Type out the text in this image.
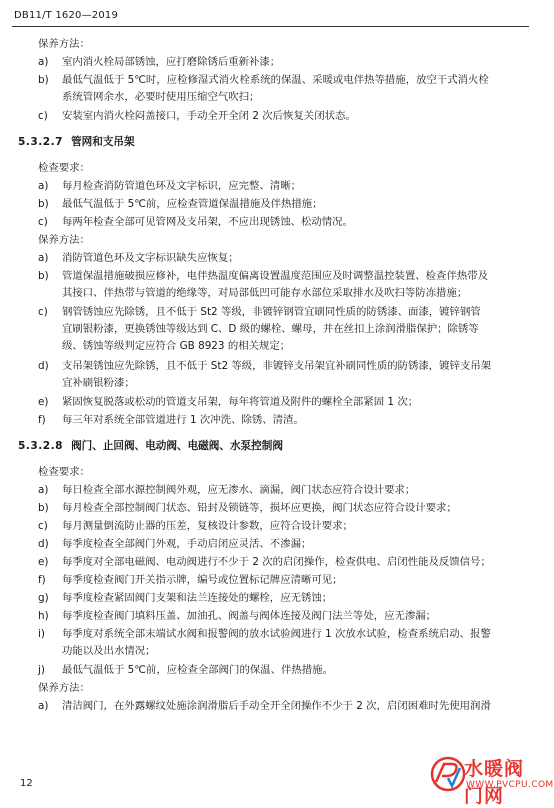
DB11/T 1620—2019
保养方法：
a) 室内消火栓局部锈蚀，应打磨除锈后重新补漆；
b) 最低气温低于 5℃时，应检修湿式消火栓系统的保温、采暖或电伴热等措施，放空干式消火栓
系统管网余水，必要时使用压缩空气吹扫；
c) 安装室内消火栓闷盖接口，手动全开全闭 2 次后恢复关闭状态。
5.3.2.7 管网和支吊架
检查要求：
a) 每月检查消防管道色环及文字标识，应完整、清晰；
b) 最低气温低于 5℃前，应检查管道保温措施及伴热措施；
c) 每两年检查全部可见管网及支吊架，不应出现锈蚀、松动情况。
保养方法：
a) 消防管道色环及文字标识缺失应恢复；
b) 管道保温措施破损应修补，电伴热温度偏离设置温度范围应及时调整温控装置、检查伴热带及
其接口、伴热带与管道的绝缘等，对局部低凹可能存水部位采取排水及吹扫等防冻措施；
c) 钢管锈蚀应先除锈，且不低于 St2 等级，非镀锌钢管宜刷同性质的防锈漆、面漆，镀锌钢管
宜刷银粉漆，更换锈蚀等级达到 C、D 级的螺栓、螺母，并在丝扣上涂润滑脂保护；除锈等
级、锈蚀等级判定应符合 GB 8923 的相关规定；
d) 支吊架锈蚀应先除锈，且不低于 St2 等级，非镀锌支吊架宜补刷同性质的防锈漆，镀锌支吊架
宜补刷银粉漆；
e) 紧固恢复脱落或松动的管道支吊架，每年将管道及附件的螺栓全部紧固 1 次；
f) 每三年对系统全部管道进行 1 次冲洗、除锈、清渣。
5.3.2.8 阀门、止回阀、电动阀、电磁阀、水泵控制阀
检查要求：
a) 每日检查全部水源控制阀外观，应无渗水、滴漏，阀门状态应符合设计要求；
b) 每月检查全部控制阀门状态、铅封及锁链等，损坏应更换，阀门状态应符合设计要求；
c) 每月测量倒流防止器的压差，复核设计参数，应符合设计要求；
d) 每季度检查全部阀门外观，手动启闭应灵活、不渗漏；
e) 每季度对全部电磁阀、电动阀进行不少于 2 次的启闭操作，检查供电、启闭性能及反馈信号；
f) 每季度检查阀门开关指示牌，编号或位置标记牌应清晰可见；
g) 每季度检查紧固阀门支架和法兰连接处的螺栓，应无锈蚀；
h) 每季度检查阀门填料压盖、加油孔、阀盖与阀体连接及阀门法兰等处，应无渗漏；
i) 每季度对系统全部末端试水阀和报警阀的放水试验阀进行 1 次放水试验，检查系统启动、报警
功能以及出水情况；
j) 最低气温低于 5℃前，应检查全部阀门的保温、伴热措施。
保养方法：
a) 清洁阀门，在外露螺纹处施涂润滑脂后手动全开全闭操作不少于 2 次，启闭困难时先使用润滑
12
水暖阀门网
WWW.PVCPU.COM
